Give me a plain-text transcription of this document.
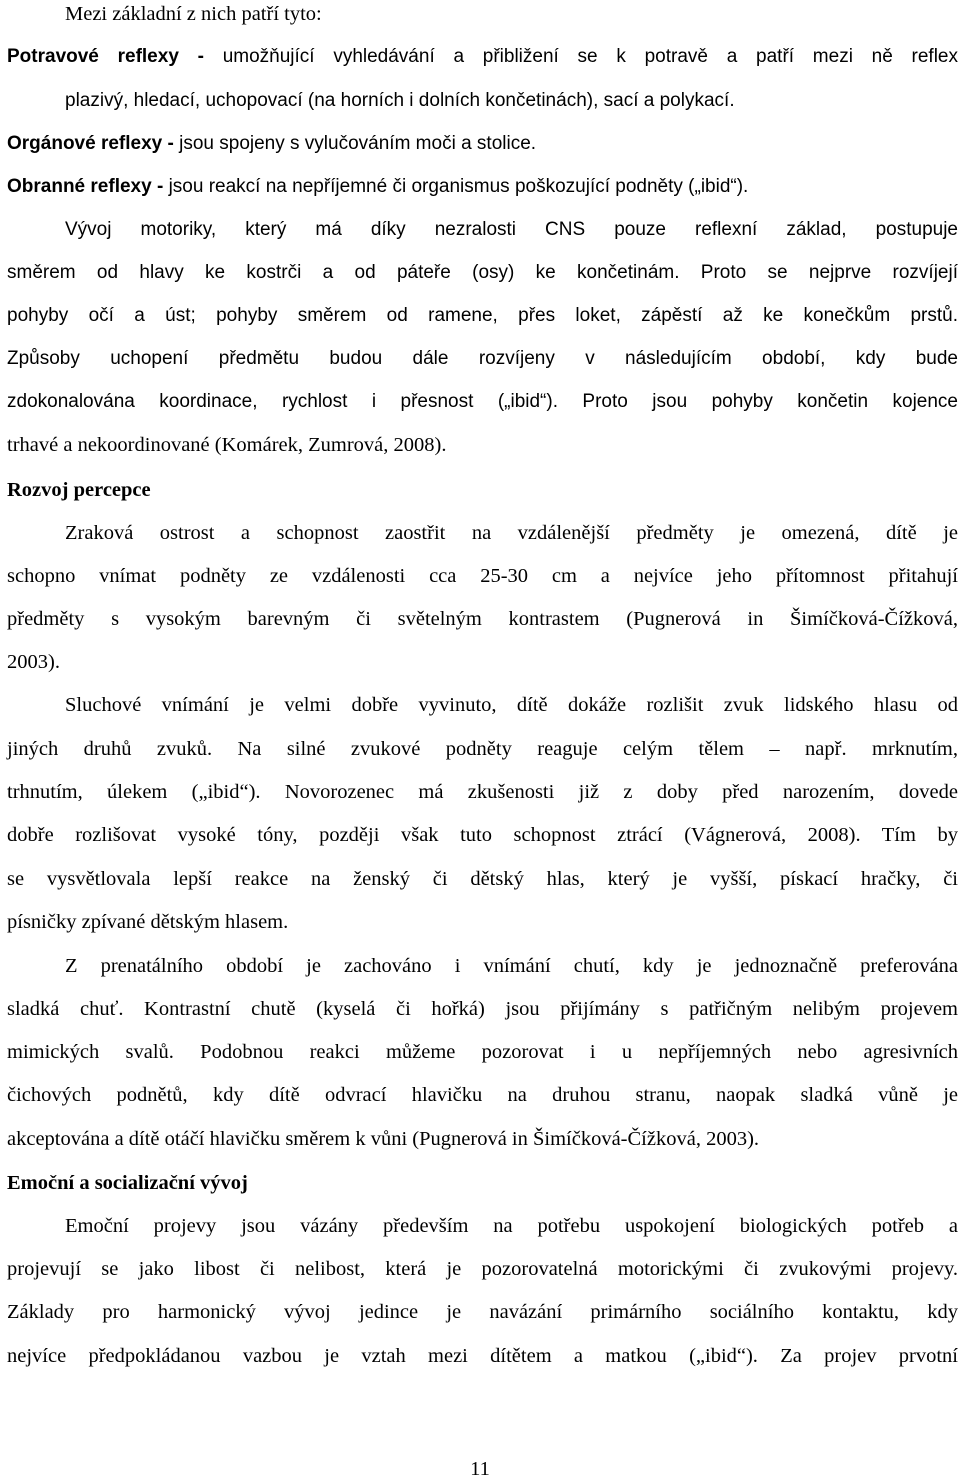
Mezi základní z nich patří tyto:
Potravové reflexy - umožňující vyhledávání a přibližení se k potravě a patří mezi ně reflex
plazivý, hledací, uchopovací (na horních i dolních končetinách), sací a polykací.
Orgánové reflexy - jsou spojeny s vylučováním moči a stolice.
Obranné reflexy - jsou reakcí na nepříjemné či organismus poškozující podněty („ibid“).
Vývoj motoriky, který má díky nezralosti CNS pouze reflexní základ, postupuje
směrem od hlavy ke kostrči a od páteře (osy) ke končetinám. Proto se nejprve rozvíjejí
pohyby očí a úst; pohyby směrem od ramene, přes loket, zápěstí až ke konečkům prstů.
Způsoby uchopení předmětu budou dále rozvíjeny v následujícím období, kdy bude
zdokonalována koordinace, rychlost i přesnost („ibid“). Proto jsou pohyby končetin kojence
trhavé a nekoordinované (Komárek, Zumrová, 2008).
Rozvoj percepce
Zraková ostrost a schopnost zaostřit na vzdálenější předměty je omezená, dítě je
schopno vnímat podněty ze vzdálenosti cca 25-30 cm a nejvíce jeho přítomnost přitahují
předměty s vysokým barevným či světelným kontrastem (Pugnerová in Šimíčková-Čížková,
2003).
Sluchové vnímání je velmi dobře vyvinuto, dítě dokáže rozlišit zvuk lidského hlasu od
jiných druhů zvuků. Na silné zvukové podněty reaguje celým tělem – např. mrknutím,
trhnutím, úlekem („ibid“). Novorozenec má zkušenosti již z doby před narozením, dovede
dobře rozlišovat vysoké tóny, později však tuto schopnost ztrácí (Vágnerová, 2008). Tím by
se vysvětlovala lepší reakce na ženský či dětský hlas, který je vyšší, pískací hračky, či
písničky zpívané dětským hlasem.
Z prenatálního období je zachováno i vnímání chutí, kdy je jednoznačně preferována
sladká chuť. Kontrastní chutě (kyselá či hořká) jsou přijímány s patřičným nelibým projevem
mimických svalů. Podobnou reakci můžeme pozorovat i u nepříjemných nebo agresivních
čichových podnětů, kdy dítě odvrací hlavičku na druhou stranu, naopak sladká vůně je
akceptována a dítě otáčí hlavičku směrem k vůni (Pugnerová in Šimíčková-Čížková, 2003).
Emoční a socializační vývoj
Emoční projevy jsou vázány především na potřebu uspokojení biologických potřeb a
projevují se jako libost či nelibost, která je pozorovatelná motorickými či zvukovými projevy.
Základy pro harmonický vývoj jedince je navázání primárního sociálního kontaktu, kdy
nejvíce předpokládanou vazbou je vztah mezi dítětem a matkou („ibid“). Za projev prvotní
11
